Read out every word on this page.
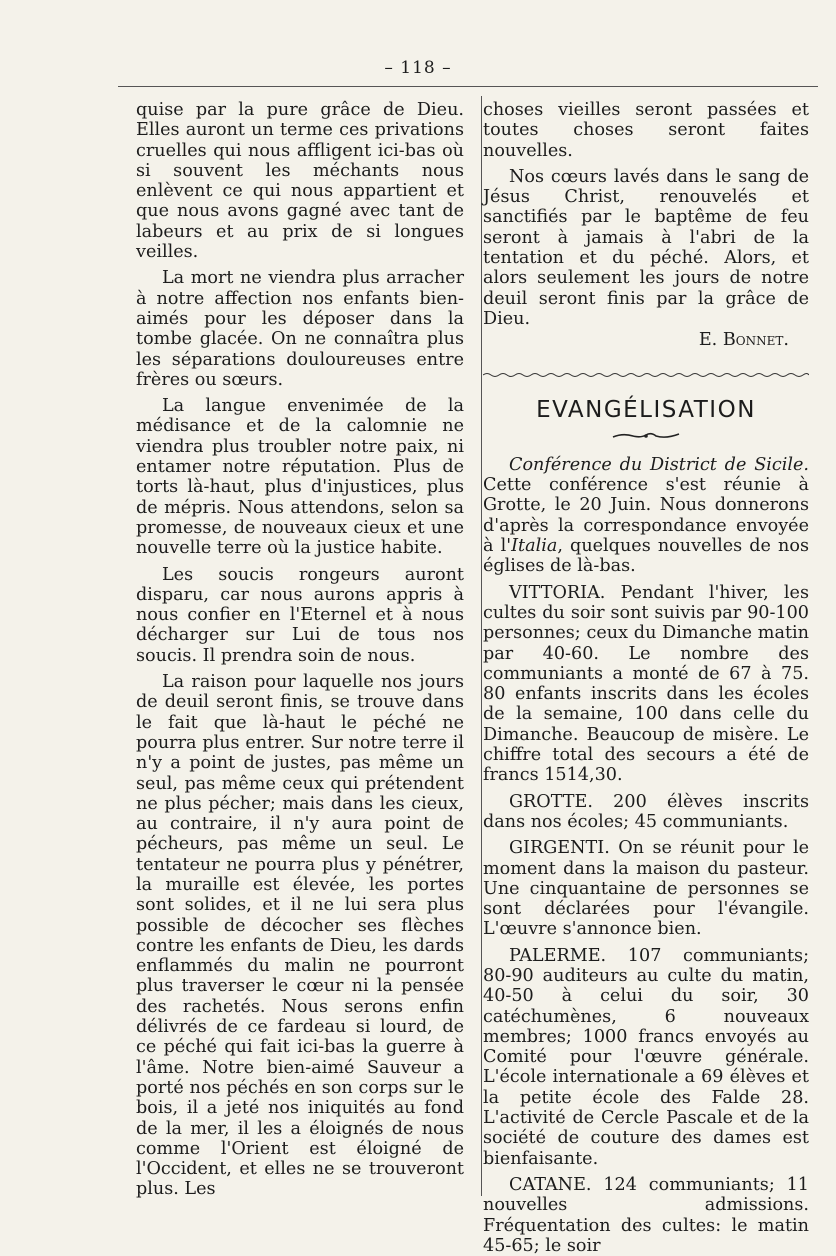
– 118 –

quise par la pure grâce de Dieu. Elles auront un terme ces privations cruelles qui nous affligent ici-bas où si souvent les méchants nous enlèvent ce qui nous appartient et que nous avons gagné avec tant de labeurs et au prix de si longues veilles.

La mort ne viendra plus arracher à notre affection nos enfants bien-aimés pour les déposer dans la tombe glacée. On ne connaîtra plus les séparations douloureuses entre frères ou sœurs.

La langue envenimée de la médisance et de la calomnie ne viendra plus troubler notre paix, ni entamer notre réputation. Plus de torts là-haut, plus d'injustices, plus de mépris. Nous attendons, selon sa promesse, de nouveaux cieux et une nouvelle terre où la justice habite.

Les soucis rongeurs auront disparu, car nous aurons appris à nous confier en l'Eternel et à nous décharger sur Lui de tous nos soucis. Il prendra soin de nous.

La raison pour laquelle nos jours de deuil seront finis, se trouve dans le fait que là-haut le péché ne pourra plus entrer. Sur notre terre il n'y a point de justes, pas même un seul, pas même ceux qui prétendent ne plus pécher; mais dans les cieux, au contraire, il n'y aura point de pécheurs, pas même un seul. Le tentateur ne pourra plus y pénétrer, la muraille est élevée, les portes sont solides, et il ne lui sera plus possible de décocher ses flèches contre les enfants de Dieu, les dards enflammés du malin ne pourront plus traverser le cœur ni la pensée des rachetés. Nous serons enfin délivrés de ce fardeau si lourd, de ce péché qui fait ici-bas la guerre à l'âme. Notre bien-aimé Sauveur a porté nos péchés en son corps sur le bois, il a jeté nos iniquités au fond de la mer, il les a éloignés de nous comme l'Orient est éloigné de l'Occident, et elles ne se trouveront plus. Les

choses vieilles seront passées et toutes choses seront faites nouvelles.

Nos cœurs lavés dans le sang de Jésus Christ, renouvelés et sanctifiés par le baptême de feu seront à jamais à l'abri de la tentation et du péché. Alors, et alors seulement les jours de notre deuil seront finis par la grâce de Dieu.

E. Bonnet.
EVANGÉLISATION

Conférence du District de Sicile. Cette conférence s'est réunie à Grotte, le 20 Juin. Nous donnerons d'après la correspondance envoyée à l'Italia, quelques nouvelles de nos églises de là-bas.

VITTORIA. Pendant l'hiver, les cultes du soir sont suivis par 90-100 personnes; ceux du Dimanche matin par 40-60. Le nombre des communiants a monté de 67 à 75. 80 enfants inscrits dans les écoles de la semaine, 100 dans celle du Dimanche. Beaucoup de misère. Le chiffre total des secours a été de francs 1514,30.

GROTTE. 200 élèves inscrits dans nos écoles; 45 communiants.

GIRGENTI. On se réunit pour le moment dans la maison du pasteur. Une cinquantaine de personnes se sont déclarées pour l'évangile. L'œuvre s'annonce bien.

PALERME. 107 communiants; 80-90 auditeurs au culte du matin, 40-50 à celui du soir, 30 catéchumènes, 6 nouveaux membres; 1000 francs envoyés au Comité pour l'œuvre générale. L'école internationale a 69 élèves et la petite école des Falde 28. L'activité de Cercle Pascale et de la société de couture des dames est bienfaisante.

CATANE. 124 communiants; 11 nouvelles admissions. Fréquentation des cultes: le matin 45-65; le soir
